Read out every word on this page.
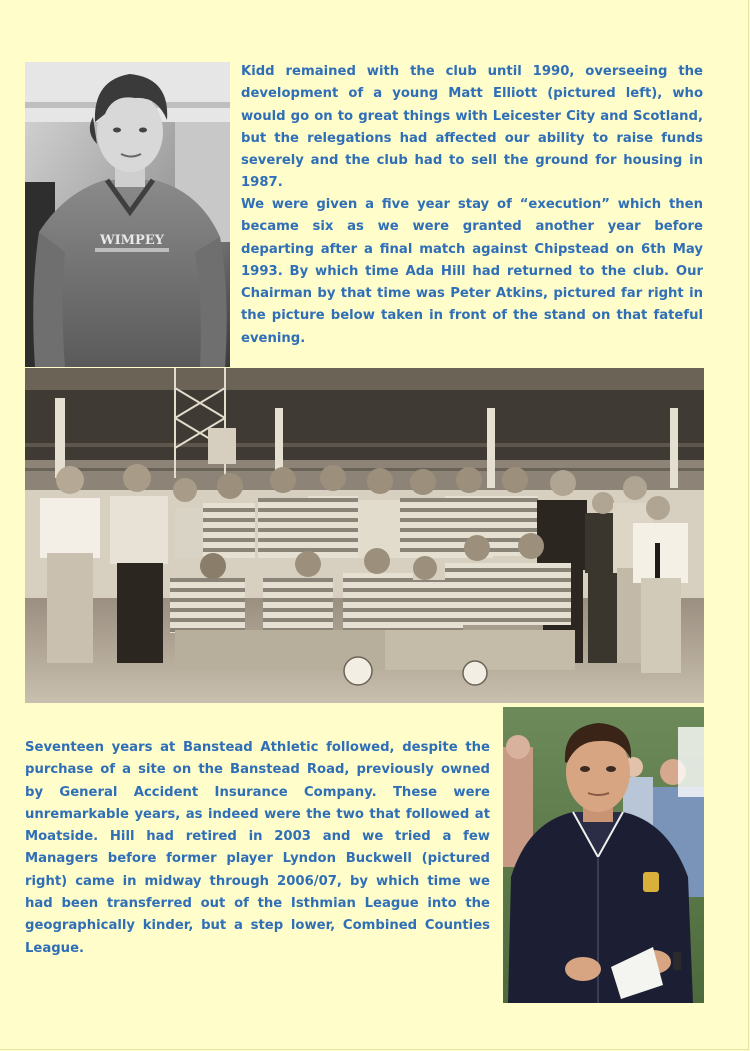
WIMPEY

Kidd remained with the club until 1990, overseeing the development of a young Matt Elliott (pictured left), who would go on to great things with Leicester City and Scotland, but the relegations had affected our ability to raise funds severely and the club had to sell the ground for housing in 1987.

We were given a five year stay of “execution” which then became six as we were granted another year before departing after a final match against Chipstead on 6th May 1993. By which time Ada Hill had returned to the club. Our Chairman by that time was Peter Atkins, pictured far right in the picture below taken in front of the stand on that fateful evening.

Seventeen years at Banstead Athletic followed, despite the purchase of a site on the Banstead Road, previously owned by General Accident Insurance Company. These were unremarkable years, as indeed were the two that followed at Moatside. Hill had retired in 2003 and we tried a few Managers before former player Lyndon Buckwell (pictured right) came in midway through 2006/07, by which time we had been transferred out of the Isthmian League into the geographically kinder, but a step lower, Combined Counties League.
